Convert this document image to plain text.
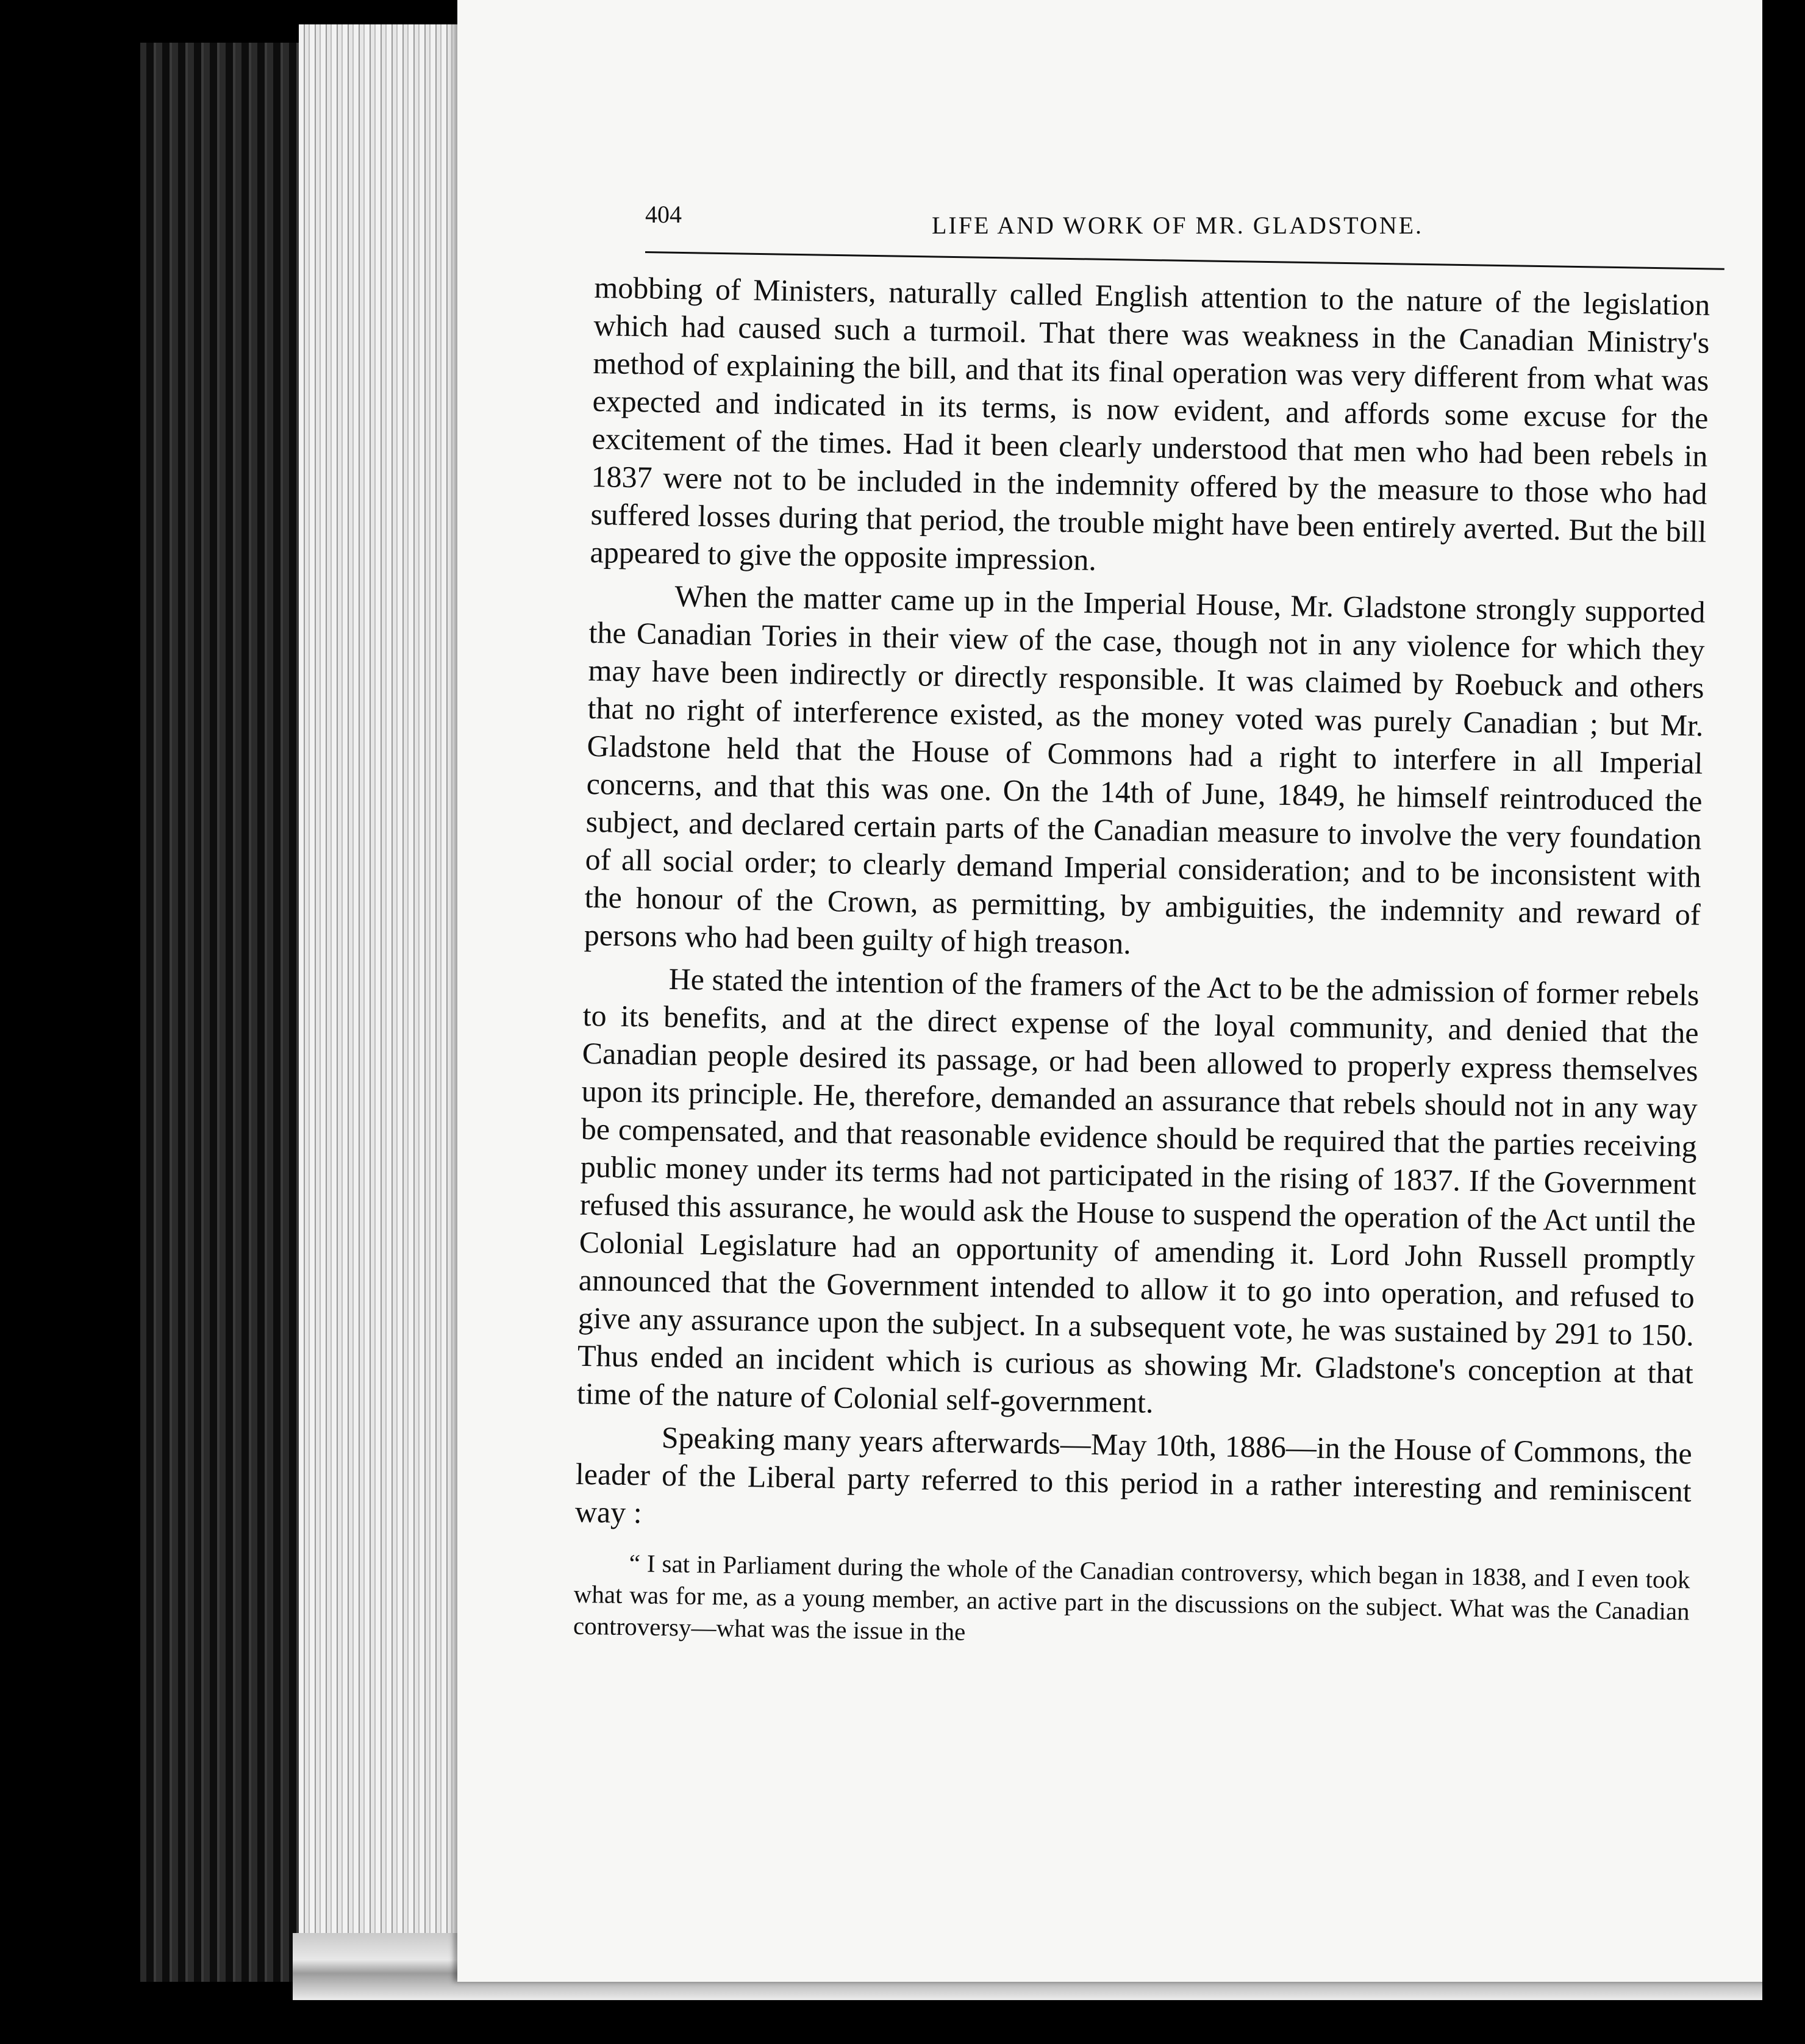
404	LIFE AND WORK OF MR. GLADSTONE.

mobbing of Ministers, naturally called English attention to the nature of the legislation which had caused such a turmoil. That there was weakness in the Canadian Ministry's method of explaining the bill, and that its final operation was very different from what was expected and indicated in its terms, is now evident, and affords some excuse for the excitement of the times. Had it been clearly understood that men who had been rebels in 1837 were not to be included in the indemnity offered by the measure to those who had suffered losses during that period, the trouble might have been entirely averted. But the bill appeared to give the opposite impression.

When the matter came up in the Imperial House, Mr. Gladstone strongly supported the Canadian Tories in their view of the case, though not in any violence for which they may have been indirectly or directly responsible. It was claimed by Roebuck and others that no right of interference existed, as the money voted was purely Canadian ; but Mr. Gladstone held that the House of Commons had a right to interfere in all Imperial concerns, and that this was one. On the 14th of June, 1849, he himself reintroduced the subject, and declared certain parts of the Canadian measure to involve the very foundation of all social order; to clearly demand Imperial consideration; and to be inconsistent with the honour of the Crown, as permitting, by ambiguities, the indemnity and reward of persons who had been guilty of high treason.

He stated the intention of the framers of the Act to be the admission of former rebels to its benefits, and at the direct expense of the loyal community, and denied that the Canadian people desired its passage, or had been allowed to properly express themselves upon its principle. He, therefore, demanded an assurance that rebels should not in any way be compensated, and that reasonable evidence should be required that the parties receiving public money under its terms had not participated in the rising of 1837. If the Government refused this assurance, he would ask the House to suspend the operation of the Act until the Colonial Legislature had an opportunity of amending it. Lord John Russell promptly announced that the Government intended to allow it to go into operation, and refused to give any assurance upon the subject. In a subsequent vote, he was sustained by 291 to 150. Thus ended an incident which is curious as showing Mr. Gladstone's conception at that time of the nature of Colonial self-government.

Speaking many years afterwards—May 10th, 1886—in the House of Commons, the leader of the Liberal party referred to this period in a rather interesting and reminiscent way :

“ I sat in Parliament during the whole of the Canadian controversy, which began in 1838, and I even took what was for me, as a young member, an active part in the discussions on the subject. What was the Canadian controversy—what was the issue in the
